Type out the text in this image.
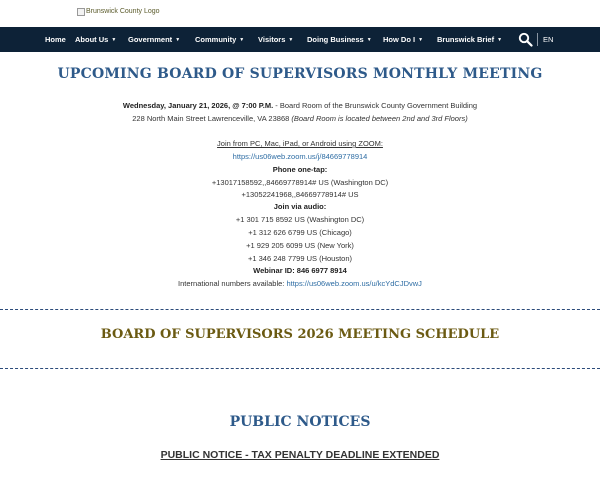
Brunswick County Logo
Home About Us ▼ Government ▼ Community ▼ Visitors ▼ Doing Business ▼ How Do I ▼ Brunswick Brief ▼	EN
UPCOMING BOARD OF SUPERVISORS MONTHLY MEETING
Wednesday, January 21, 2026, @ 7:00 P.M. - Board Room of the Brunswick County Government Building
228 North Main Street Lawrenceville, VA 23868 (Board Room is located between 2nd and 3rd Floors)
Join from PC, Mac, iPad, or Android using ZOOM:
https://us06web.zoom.us/j/84669778914
Phone one-tap:
+13017158592,,84669778914# US (Washington DC)
+13052241968,,84669778914# US
Join via audio:
+1 301 715 8592 US (Washington DC)
+1 312 626 6799 US (Chicago)
+1 929 205 6099 US (New York)
+1 346 248 7799 US (Houston)
Webinar ID: 846 6977 8914
International numbers available: https://us06web.zoom.us/u/kcYdCJDvwJ
BOARD OF SUPERVISORS 2026 MEETING SCHEDULE
PUBLIC NOTICES
PUBLIC NOTICE - TAX PENALTY DEADLINE EXTENDED
